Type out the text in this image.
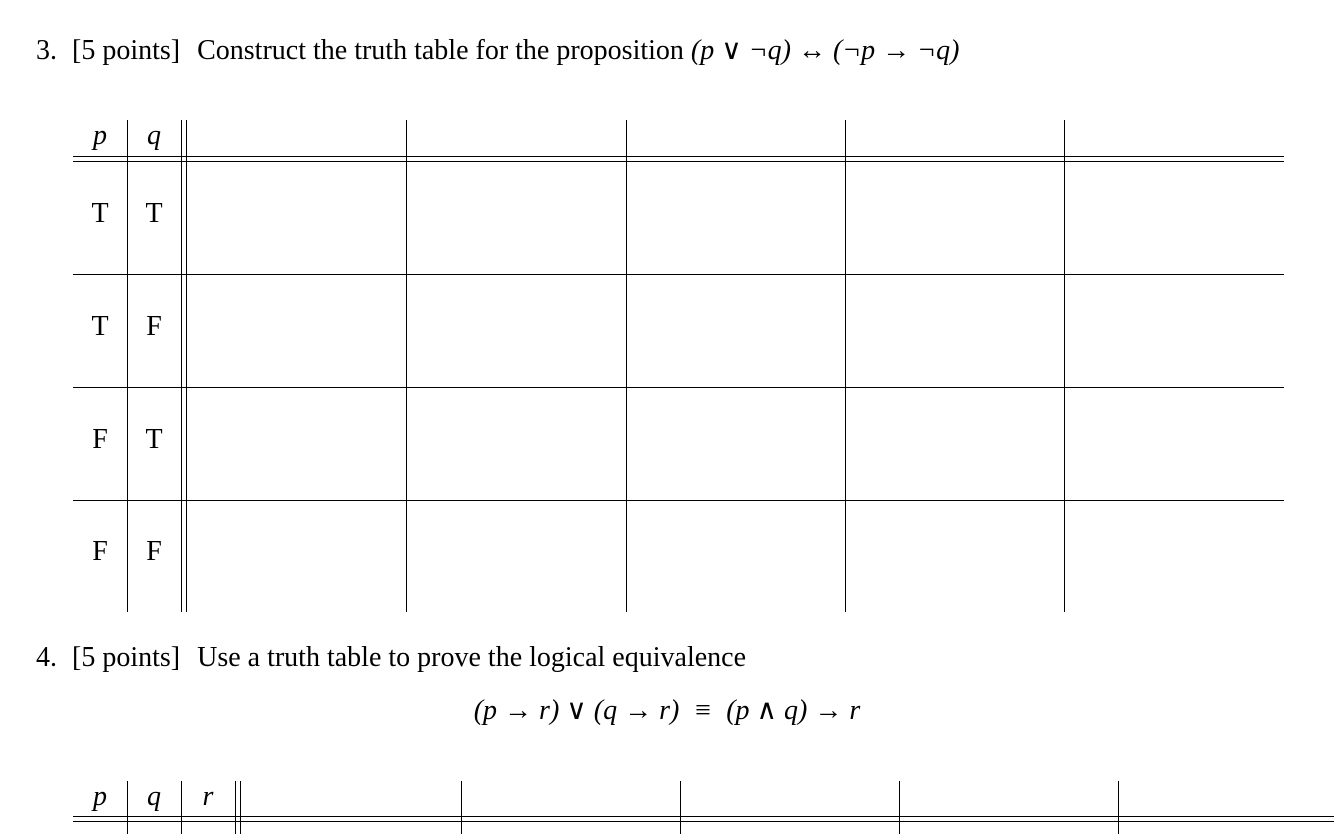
3. [5 points] Construct the truth table for the proposition (p ∨ ¬q) ↔ (¬p → ¬q)
p	q
T	T
T	F
F	T
F	F
4. [5 points] Use a truth table to prove the logical equivalence
(p → r) ∨ (q → r)  ≡  (p ∧ q) → r
p	q	r
